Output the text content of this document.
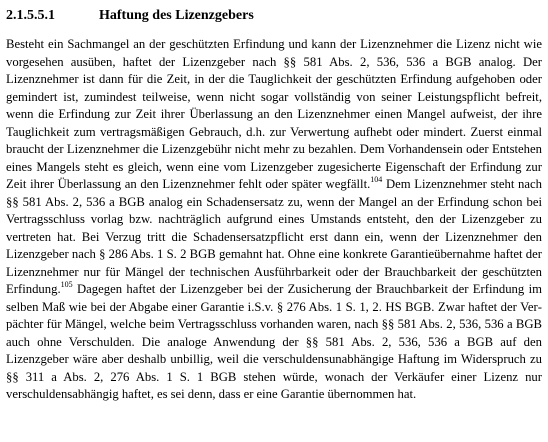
2.1.5.5.1	Haftung des Lizenzgebers

Besteht ein Sachmangel an der geschützten Erfindung und kann der Lizenznehmer die Lizenz nicht wie vorgesehen ausüben, haftet der Lizenzgeber nach §§ 581 Abs. 2, 536, 536 a BGB analog. Der Lizenznehmer ist dann für die Zeit, in der die Tauglichkeit der geschützten Erfindung aufgehoben oder gemindert ist, zumindest teilweise, wenn nicht sogar vollständig von seiner Leistungspflicht befreit, wenn die Erfindung zur Zeit ihrer Überlassung an den Lizenznehmer einen Mangel aufweist, der ihre Tauglichkeit zum vertragsmäßigen Gebrauch, d.h. zur Verwertung aufhebt oder mindert. Zuerst einmal braucht der Lizenznehmer die Lizenzgebühr nicht mehr zu bezahlen. Dem Vorhandensein oder Entstehen eines Mangels steht es gleich, wenn eine vom Lizenzgeber zugesicherte Eigenschaft der Erfindung zur Zeit ihrer Überlassung an den Lizenznehmer fehlt oder später wegfällt.$^{104}$ Dem Lizenznehmer steht nach §§ 581 Abs. 2, 536 a BGB analog ein Schadensersatz zu, wenn der Mangel an der Erfindung schon bei Vertragsschluss vorlag bzw. nachträglich aufgrund eines Umstands entsteht, den der Lizenzgeber zu vertreten hat. Bei Verzug tritt die Schadensersatzpflicht erst dann ein, wenn der Lizenznehmer den Lizenzgeber nach § 286 Abs. 1 S. 2 BGB gemahnt hat. Ohne eine konkrete Garantieübernahme haftet der Lizenznehmer nur für Mängel der technischen Ausführbarkeit oder der Brauchbarkeit der geschützten Erfindung.$^{105}$ Dagegen haftet der Lizenzgeber bei der Zusicherung der Brauchbarkeit der Erfindung im selben Maß wie bei der Abgabe einer Garantie i.S.v. § 276 Abs. 1 S. 1, 2. HS BGB. Zwar haftet der Verpächter für Mängel, welche beim Vertragsschluss vorhanden waren, nach §§ 581 Abs. 2, 536, 536 a BGB auch ohne Verschulden. Die analoge Anwendung der §§ 581 Abs. 2, 536, 536 a BGB auf den Lizenzgeber wäre aber deshalb unbillig, weil die verschuldensunabhängige Haftung im Widerspruch zu §§ 311 a Abs. 2, 276 Abs. 1 S. 1 BGB stehen würde, wonach der Verkäufer einer Lizenz nur verschuldensabhängig haftet, es sei denn, dass er eine Garantie übernommen hat.
